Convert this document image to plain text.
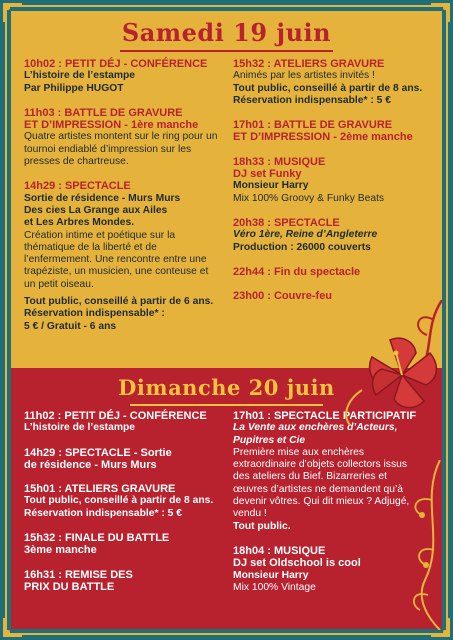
Samedi 19 juin
Dimanche 20 juin

10h02 : PETIT DÉJ - CONFÉRENCE

L’histoire de l’estampe

Par Philippe HUGOT

11h03 : BATTLE DE GRAVURE

ET D’IMPRESSION - 1ère manche

Quatre artistes montent sur le ring pour un tournoi endiablé d’impression sur les presses de chartreuse.

14h29 : SPECTACLE

Sortie de résidence - Murs Murs

Des cies La Grange aux Ailes

et Les Arbres Mondes.

Création intime et poétique sur la thématique de la liberté et de l’enfermement. Une rencontre entre une trapéziste, un musicien, une conteuse et un petit oiseau.

Tout public, conseillé à partir de 6 ans.

Réservation indispensable* :

5 € / Gratuit - 6 ans

15h32 : ATELIERS GRAVURE

Animés par les artistes invités !

Tout public, conseillé à partir de 8 ans.

Réservation indispensable* : 5 €

17h01 : BATTLE DE GRAVURE

ET D’IMPRESSION - 2ème manche

18h33 : MUSIQUE

DJ set Funky

Monsieur Harry

Mix 100% Groovy & Funky Beats

20h38 : SPECTACLE

Véro 1ère, Reine d’Angleterre

Production : 26000 couverts

22h44 : Fin du spectacle

23h00 : Couvre-feu

11h02 : PETIT DÉJ - CONFÉRENCE

L’histoire de l’estampe

14h29 : SPECTACLE - Sortie

de résidence - Murs Murs

15h01 : ATELIERS GRAVURE

Tout public, conseillé à partir de 8 ans.

Réservation indispensable* : 5 €

15h32 : FINALE DU BATTLE

3ème manche

16h31 : REMISE DES

PRIX DU BATTLE

17h01 : SPECTACLE PARTICIPATIF

La Vente aux enchères d’Acteurs,

Pupitres et Cie

Première mise aux enchères extraordinaire d’objets collectors issus des ateliers du Bief. Bizarreries et œuvres d’artistes ne demandent qu’à devenir vôtres. Qui dit mieux ? Adjugé, vendu !

Tout public.

18h04 : MUSIQUE

DJ set Oldschool is cool

Monsieur Harry

Mix 100% Vintage
